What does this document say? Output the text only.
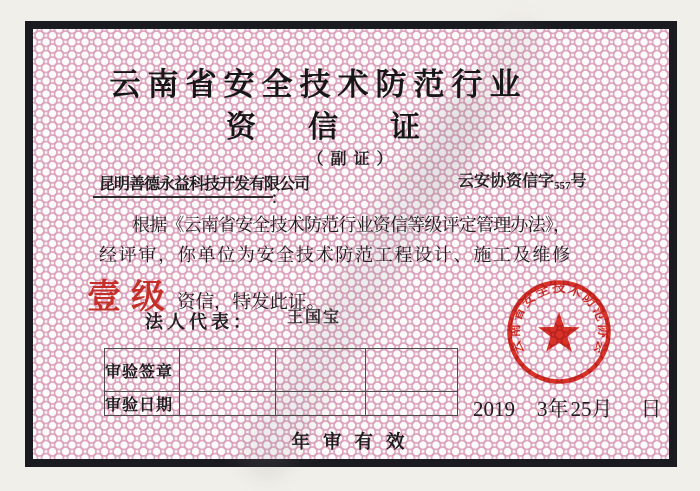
云南省安全技术防范行业
资信证
（副证）
昆明善德永益科技开发有限公司
：
云安协资信字557号
根据《云南省安全技术防范行业资信等级评定管理办法》，
经评审，你单位为安全技术防范工程设计、施工及维修
壹级 资信，特发此证。
法人代表： 王国宝
审验签章			
审验日期			
云南省安全技术防范协会
2019 3年25月 日
年审有效
